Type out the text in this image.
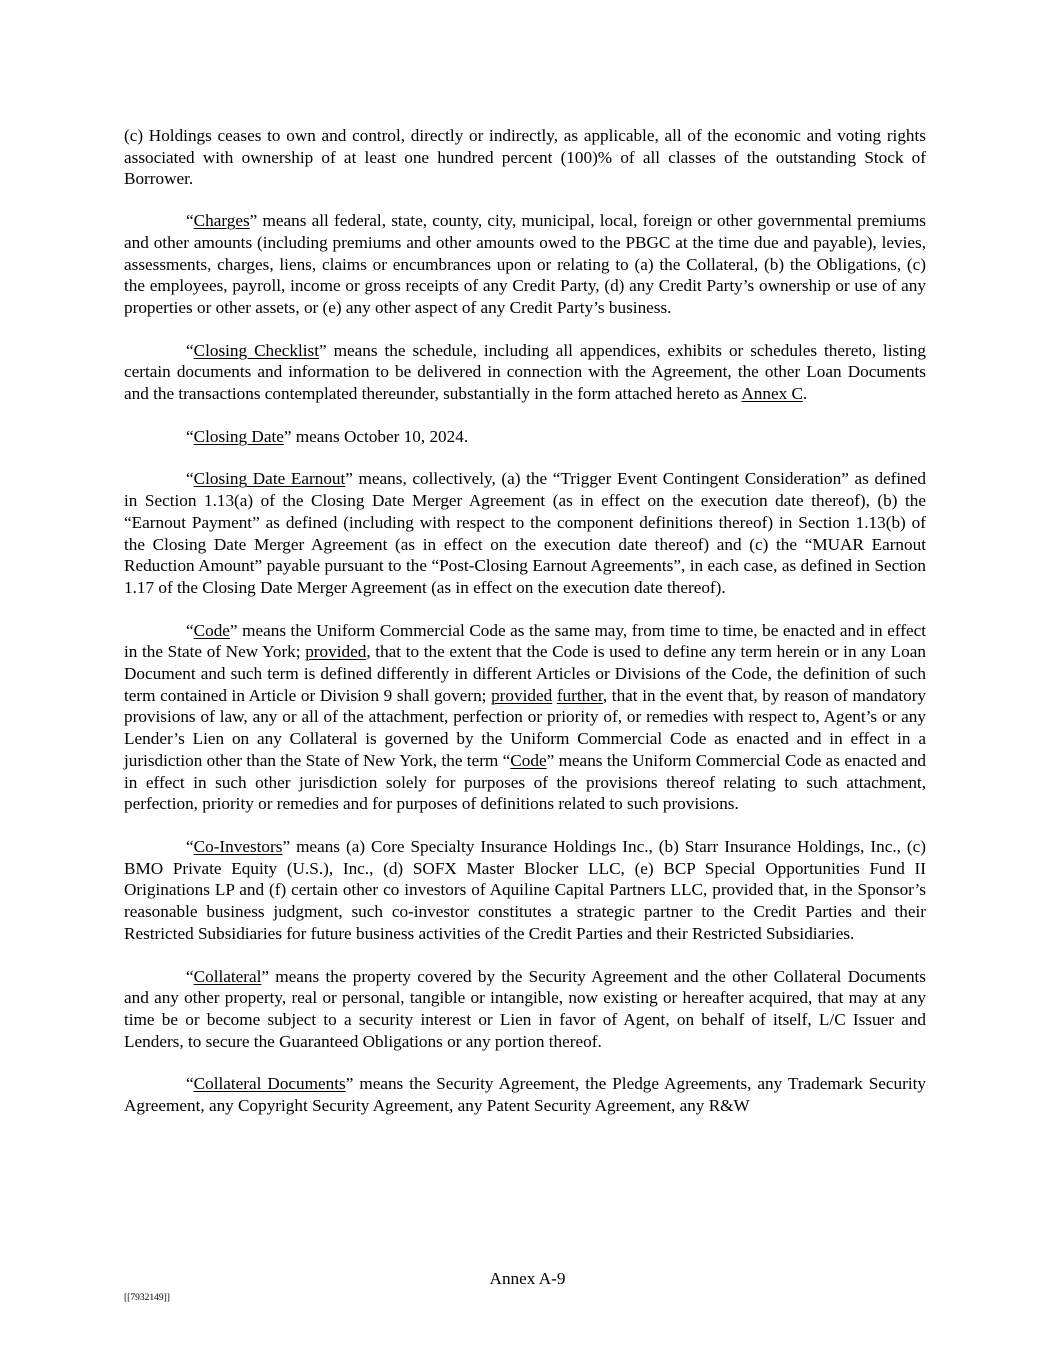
(c) Holdings ceases to own and control, directly or indirectly, as applicable, all of the economic and voting rights associated with ownership of at least one hundred percent (100)% of all classes of the outstanding Stock of Borrower.

“Charges” means all federal, state, county, city, municipal, local, foreign or other governmental premiums and other amounts (including premiums and other amounts owed to the PBGC at the time due and payable), levies, assessments, charges, liens, claims or encumbrances upon or relating to (a) the Collateral, (b) the Obligations, (c) the employees, payroll, income or gross receipts of any Credit Party, (d) any Credit Party’s ownership or use of any properties or other assets, or (e) any other aspect of any Credit Party’s business.

“Closing Checklist” means the schedule, including all appendices, exhibits or schedules thereto, listing certain documents and information to be delivered in connection with the Agreement, the other Loan Documents and the transactions contemplated thereunder, substantially in the form attached hereto as Annex C.

“Closing Date” means October 10, 2024.

“Closing Date Earnout” means, collectively, (a) the “Trigger Event Contingent Consideration” as defined in Section 1.13(a) of the Closing Date Merger Agreement (as in effect on the execution date thereof), (b) the “Earnout Payment” as defined (including with respect to the component definitions thereof) in Section 1.13(b) of the Closing Date Merger Agreement (as in effect on the execution date thereof) and (c) the “MUAR Earnout Reduction Amount” payable pursuant to the “Post-Closing Earnout Agreements”, in each case, as defined in Section 1.17 of the Closing Date Merger Agreement (as in effect on the execution date thereof).

“Code” means the Uniform Commercial Code as the same may, from time to time, be enacted and in effect in the State of New York; provided, that to the extent that the Code is used to define any term herein or in any Loan Document and such term is defined differently in different Articles or Divisions of the Code, the definition of such term contained in Article or Division 9 shall govern; provided further, that in the event that, by reason of mandatory provisions of law, any or all of the attachment, perfection or priority of, or remedies with respect to, Agent’s or any Lender’s Lien on any Collateral is governed by the Uniform Commercial Code as enacted and in effect in a jurisdiction other than the State of New York, the term “Code” means the Uniform Commercial Code as enacted and in effect in such other jurisdiction solely for purposes of the provisions thereof relating to such attachment, perfection, priority or remedies and for purposes of definitions related to such provisions.

“Co-Investors” means (a) Core Specialty Insurance Holdings Inc., (b) Starr Insurance Holdings, Inc., (c) BMO Private Equity (U.S.), Inc., (d) SOFX Master Blocker LLC, (e) BCP Special Opportunities Fund II Originations LP and (f) certain other co investors of Aquiline Capital Partners LLC, provided that, in the Sponsor’s reasonable business judgment, such co-investor constitutes a strategic partner to the Credit Parties and their Restricted Subsidiaries for future business activities of the Credit Parties and their Restricted Subsidiaries.

“Collateral” means the property covered by the Security Agreement and the other Collateral Documents and any other property, real or personal, tangible or intangible, now existing or hereafter acquired, that may at any time be or become subject to a security interest or Lien in favor of Agent, on behalf of itself, L/C Issuer and Lenders, to secure the Guaranteed Obligations or any portion thereof.

“Collateral Documents” means the Security Agreement, the Pledge Agreements, any Trademark Security Agreement, any Copyright Security Agreement, any Patent Security Agreement, any R&W

Annex A-9
[[7932149]]
